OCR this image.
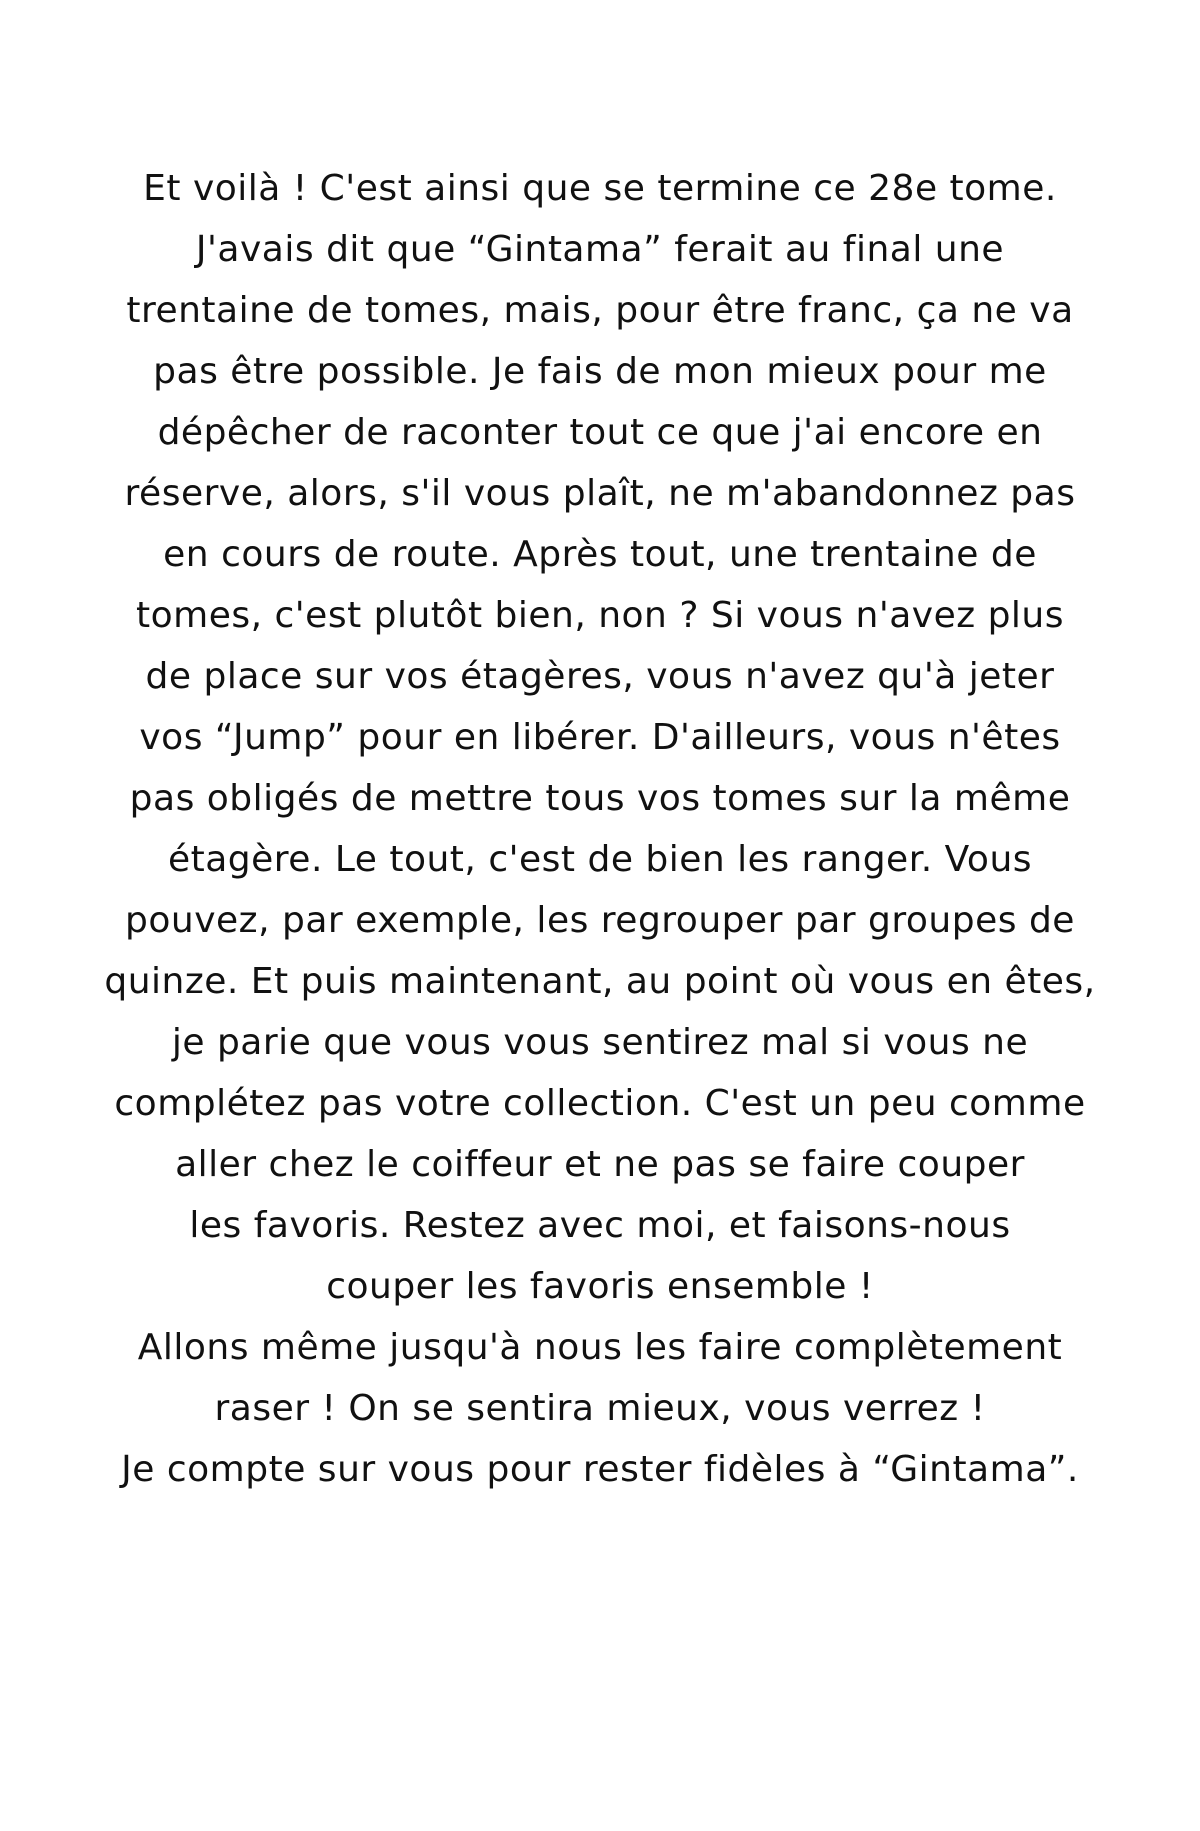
Et voilà ! C'est ainsi que se termine ce 28e tome.
J'avais dit que “Gintama” ferait au final une
trentaine de tomes, mais, pour être franc, ça ne va
pas être possible. Je fais de mon mieux pour me
dépêcher de raconter tout ce que j'ai encore en
réserve, alors, s'il vous plaît, ne m'abandonnez pas
en cours de route. Après tout, une trentaine de
tomes, c'est plutôt bien, non ? Si vous n'avez plus
de place sur vos étagères, vous n'avez qu'à jeter
vos “Jump” pour en libérer. D'ailleurs, vous n'êtes
pas obligés de mettre tous vos tomes sur la même
étagère. Le tout, c'est de bien les ranger. Vous
pouvez, par exemple, les regrouper par groupes de
quinze. Et puis maintenant, au point où vous en êtes,
je parie que vous vous sentirez mal si vous ne
complétez pas votre collection. C'est un peu comme
aller chez le coiffeur et ne pas se faire couper
les favoris. Restez avec moi, et faisons-nous
couper les favoris ensemble !
Allons même jusqu'à nous les faire complètement
raser ! On se sentira mieux, vous verrez !
Je compte sur vous pour rester fidèles à “Gintama”.
